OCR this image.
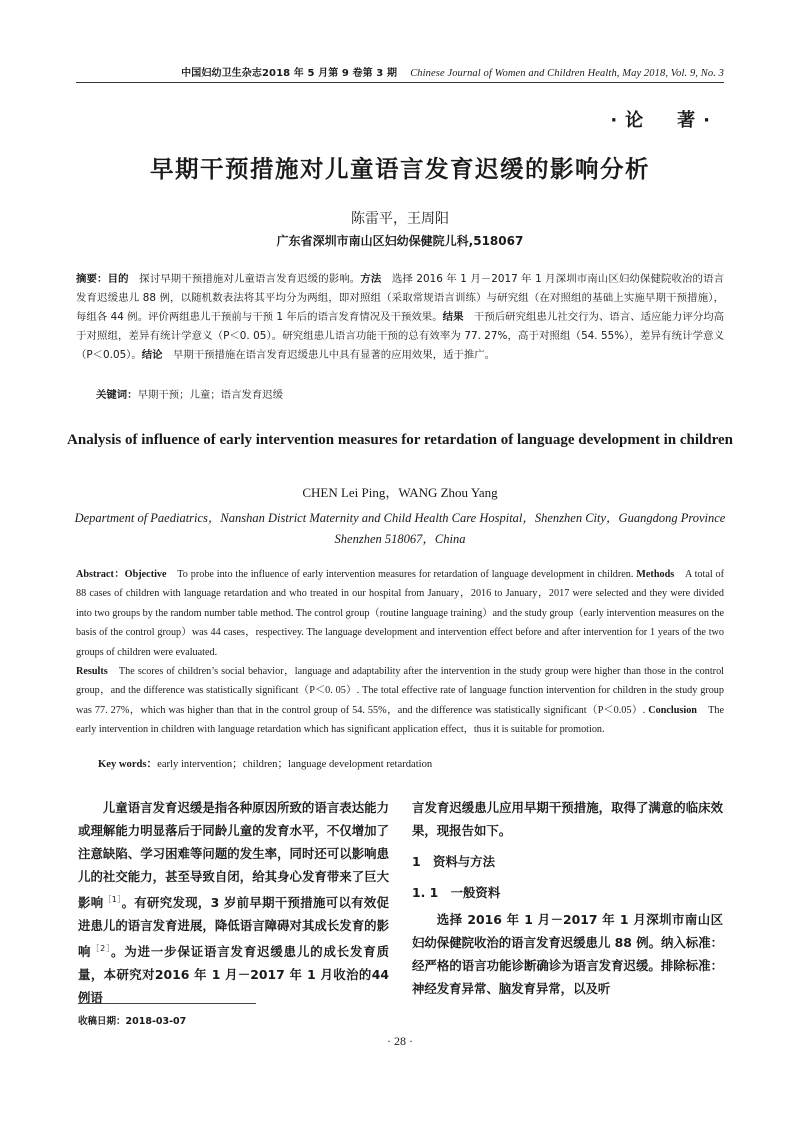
中国妇幼卫生杂志2018 年 5 月第 9 卷第 3 期 Chinese Journal of Women and Children Health, May 2018, Vol. 9, No. 3
·论　著·
早期干预措施对儿童语言发育迟缓的影响分析
陈雷平，王周阳
广东省深圳市南山区妇幼保健院儿科,518067

摘要：目的　探讨早期干预措施对儿童语言发育迟缓的影响。方法　选择 2016 年 1 月－2017 年 1 月深圳市南山区妇幼保健院收治的语言发育迟缓患儿 88 例，以随机数表法将其平均分为两组，即对照组（采取常规语言训练）与研究组（在对照组的基础上实施早期干预措施），每组各 44 例。评价两组患儿干预前与干预 1 年后的语言发育情况及干预效果。结果　干预后研究组患儿社交行为、语言、适应能力评分均高于对照组，差异有统计学意义（P＜0. 05）。研究组患儿语言功能干预的总有效率为 77. 27%，高于对照组（54. 55%），差异有统计学意义（P＜0.05）。结论　早期干预措施在语言发育迟缓患儿中具有显著的应用效果，适于推广。

关键词：早期干预；儿童；语言发育迟缓
Analysis of influence of early intervention measures for retardation of language development in children
CHEN Lei Ping，WANG Zhou Yang
Department of Paediatrics，Nanshan District Maternity and Child Health Care Hospital，Shenzhen City，Guangdong Province Shenzhen 518067，China

Abstract：Objective　To probe into the influence of early intervention measures for retardation of language development in children. Methods　A total of 88 cases of children with language retardation and who treated in our hospital from January，2016 to January，2017 were selected and they were divided into two groups by the random number table method. The control group（routine language training）and the study group（early intervention measures on the basis of the control group）was 44 cases，respectivey. The language development and intervention effect before and after intervention for 1 years of the two groups of children were evaluated.
Results　The scores of children’s social behavior，language and adaptability after the intervention in the study group were higher than those in the control group，and the difference was statistically significant（P＜0. 05）. The total effective rate of language function intervention for children in the study group was 77. 27%，which was higher than that in the control group of 54. 55%，and the difference was statistically significant（P＜0.05）. Conclusion　The early intervention in children with language retardation which has significant application effect，thus it is suitable for promotion.

Key words：early intervention；children；language development retardation

儿童语言发育迟缓是指各种原因所致的语言表达能力或理解能力明显落后于同龄儿童的发育水平，不仅增加了注意缺陷、学习困难等问题的发生率，同时还可以影响患儿的社交能力，甚至导致自闭，给其身心发育带来了巨大影响$^{[1]}$。有研究发现，3 岁前早期干预措施可以有效促进患儿的语言发育进展，降低语言障碍对其成长发育的影响$^{[2]}$。为进一步保证语言发育迟缓患儿的成长发育质量，本研究对2016 年 1 月－2017 年 1 月收治的44 例语

言发育迟缓患儿应用早期干预措施，取得了满意的临床效果，现报告如下。

1　资料与方法
1. 1　一般资料

选择 2016 年 1 月－2017 年 1 月深圳市南山区妇幼保健院收治的语言发育迟缓患儿 88 例。纳入标准：经严格的语言功能诊断确诊为语言发育迟缓。排除标准：神经发育异常、脑发育异常，以及听

收稿日期：2018-03-07
· 28 ·
